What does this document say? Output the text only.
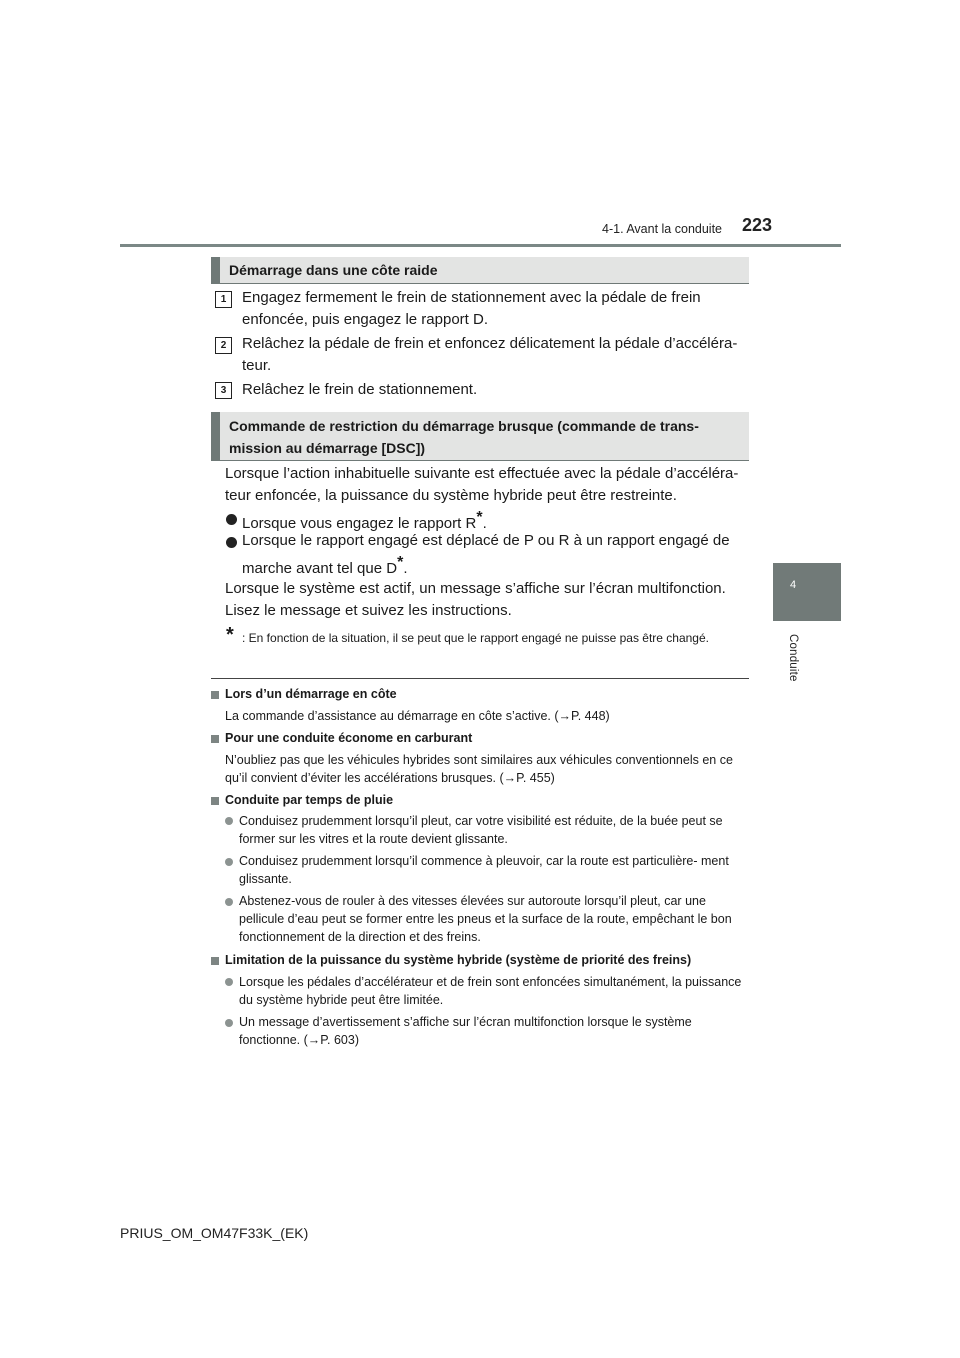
4-1. Avant la conduite 223
4
Conduite
Démarrage dans une côte raide
1	Engagez fermement le frein de stationnement avec la pédale de frein
enfoncée, puis engagez le rapport D.
2	Relâchez la pédale de frein et enfoncez délicatement la pédale d’accéléra-
teur.
3	Relâchez le frein de stationnement.
Commande de restriction du démarrage brusque (commande de trans-
mission au démarrage [DSC])
Lorsque l’action inhabituelle suivante est effectuée avec la pédale d’accéléra-
teur enfoncée, la puissance du système hybride peut être restreinte.
Lorsque vous engagez le rapport R*.
Lorsque le rapport engagé est déplacé de P ou R à un rapport engagé de
marche avant tel que D*.
Lorsque le système est actif, un message s’affiche sur l’écran multifonction.
Lisez le message et suivez les instructions.
* : En fonction de la situation, il se peut que le rapport engagé ne puisse pas être changé.
Lors d’un démarrage en côte
La commande d’assistance au démarrage en côte s’active. (→P. 448)
Pour une conduite économe en carburant
N’oubliez pas que les véhicules hybrides sont similaires aux véhicules conventionnels en ce qu’il convient d’éviter les accélérations brusques. (→P. 455)
Conduite par temps de pluie
Conduisez prudemment lorsqu’il pleut, car votre visibilité est réduite, de la buée peut se former sur les vitres et la route devient glissante.
Conduisez prudemment lorsqu’il commence à pleuvoir, car la route est particulière- ment glissante.
Abstenez-vous de rouler à des vitesses élevées sur autoroute lorsqu’il pleut, car une pellicule d’eau peut se former entre les pneus et la surface de la route, empêchant le bon fonctionnement de la direction et des freins.
Limitation de la puissance du système hybride (système de priorité des freins)
Lorsque les pédales d’accélérateur et de frein sont enfoncées simultanément, la puissance du système hybride peut être limitée.
Un message d’avertissement s’affiche sur l’écran multifonction lorsque le système fonctionne. (→P. 603)
PRIUS_OM_OM47F33K_(EK)
